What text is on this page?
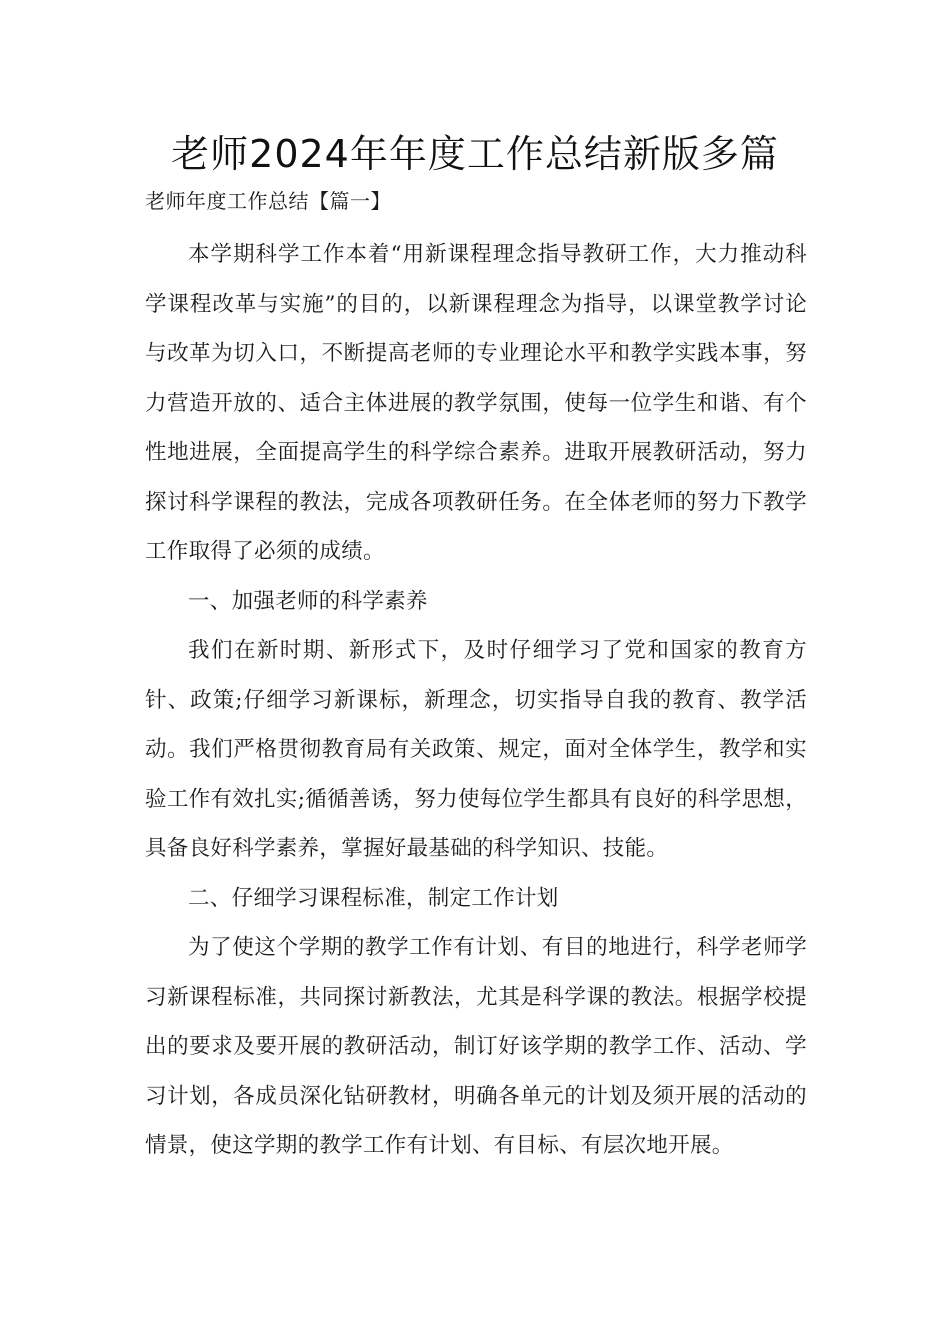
老师2024年年度工作总结新版多篇

老师年度工作总结【篇一】

本学期科学工作本着“用新课程理念指导教研工作，大力推动科学课程改革与实施”的目的，以新课程理念为指导，以课堂教学讨论与改革为切入口，不断提高老师的专业理论水平和教学实践本事，努力营造开放的、适合主体进展的教学氛围，使每一位学生和谐、有个性地进展，全面提高学生的科学综合素养。进取开展教研活动，努力探讨科学课程的教法，完成各项教研任务。在全体老师的努力下教学工作取得了必须的成绩。

一、加强老师的科学素养

我们在新时期、新形式下，及时仔细学习了党和国家的教育方针、政策;仔细学习新课标，新理念，切实指导自我的教育、教学活动。我们严格贯彻教育局有关政策、规定，面对全体学生，教学和实验工作有效扎实;循循善诱，努力使每位学生都具有良好的科学思想，具备良好科学素养，掌握好最基础的科学知识、技能。

二、仔细学习课程标准，制定工作计划

为了使这个学期的教学工作有计划、有目的地进行，科学老师学习新课程标准，共同探讨新教法，尤其是科学课的教法。根据学校提出的要求及要开展的教研活动，制订好该学期的教学工作、活动、学习计划，各成员深化钻研教材，明确各单元的计划及须开展的活动的情景，使这学期的教学工作有计划、有目标、有层次地开展。
